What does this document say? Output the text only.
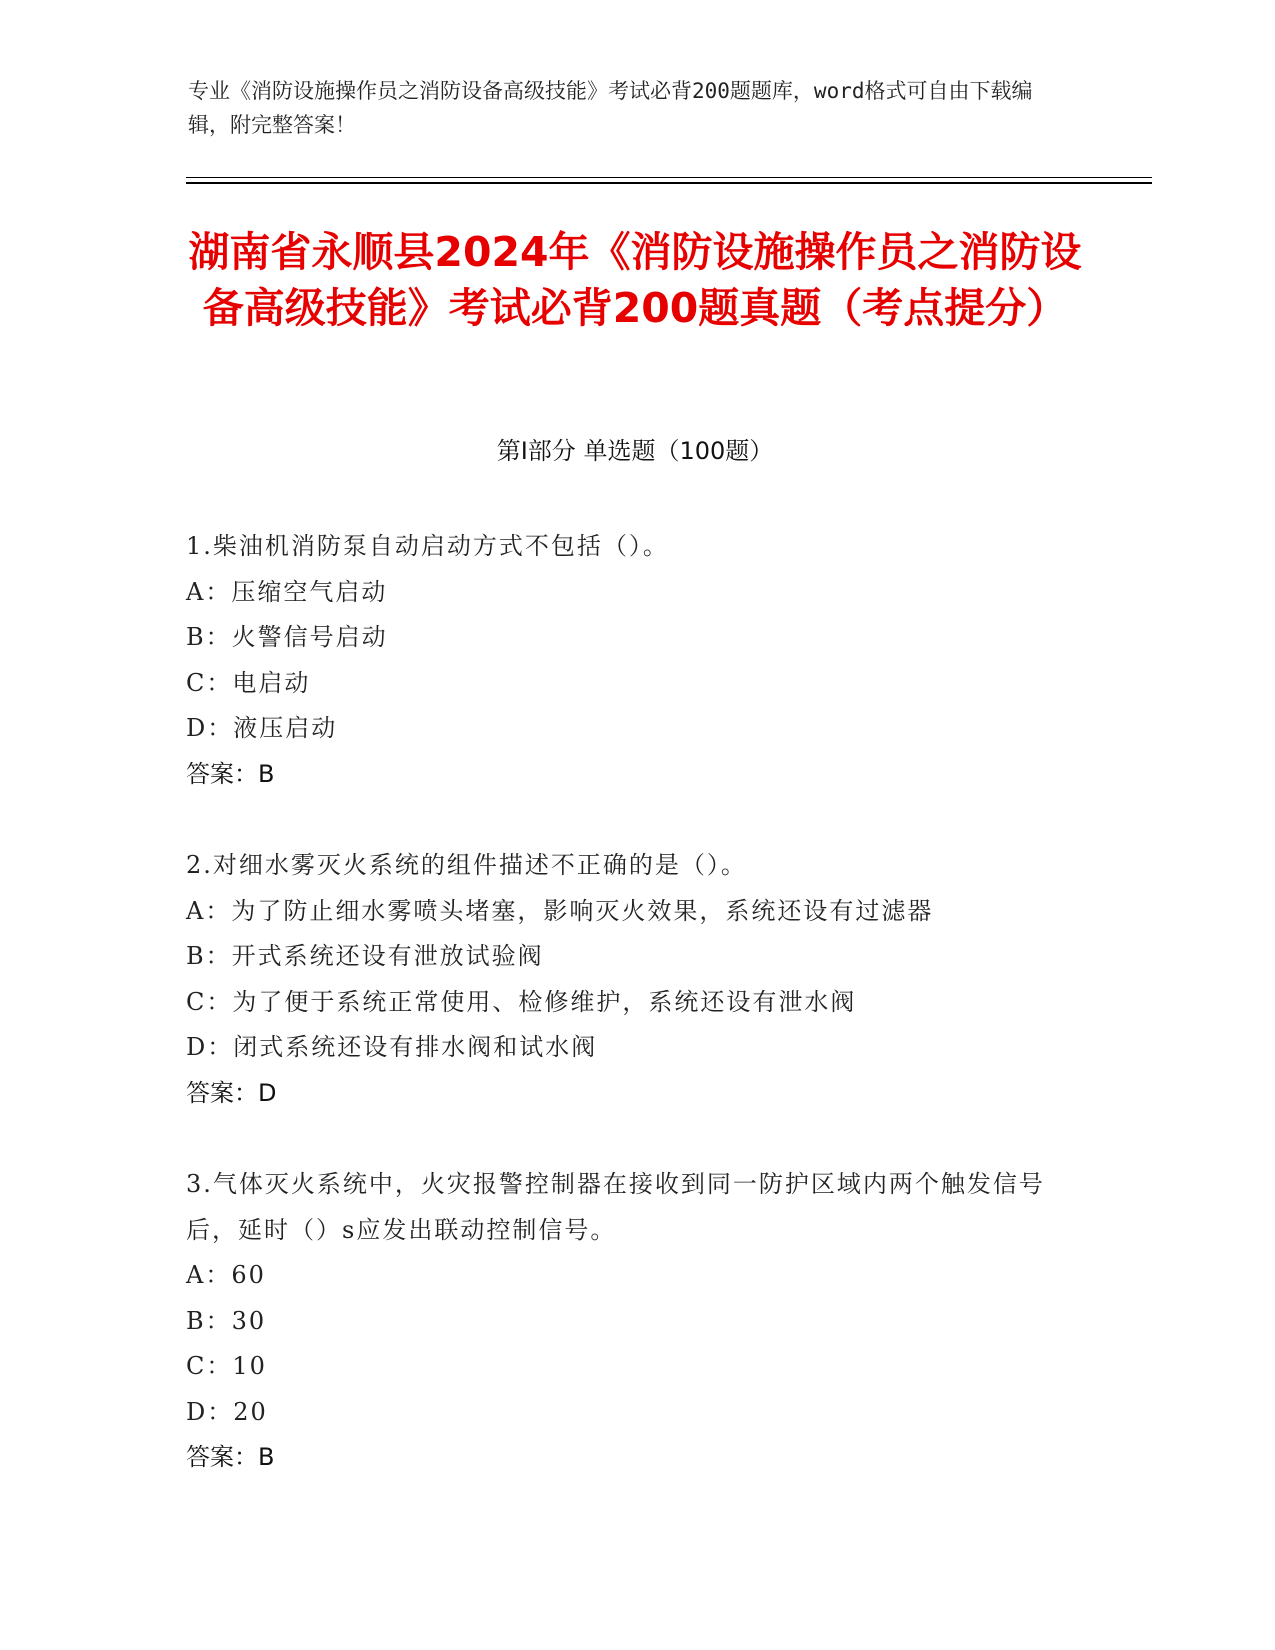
专业《消防设施操作员之消防设备高级技能》考试必背200题题库，word格式可自由下载编辑，附完整答案！
湖南省永顺县2024年《消防设施操作员之消防设备高级技能》考试必背200题真题（考点提分）
第I部分 单选题（100题）
1.柴油机消防泵自动启动方式不包括（）。
A：压缩空气启动
B：火警信号启动
C：电启动
D：液压启动
答案：B
2.对细水雾灭火系统的组件描述不正确的是（）。
A：为了防止细水雾喷头堵塞，影响灭火效果，系统还设有过滤器
B：开式系统还设有泄放试验阀
C：为了便于系统正常使用、检修维护，系统还设有泄水阀
D：闭式系统还设有排水阀和试水阀
答案：D
3.气体灭火系统中，火灾报警控制器在接收到同一防护区域内两个触发信号后，延时（）s应发出联动控制信号。
A：60
B：30
C：10
D：20
答案：B
